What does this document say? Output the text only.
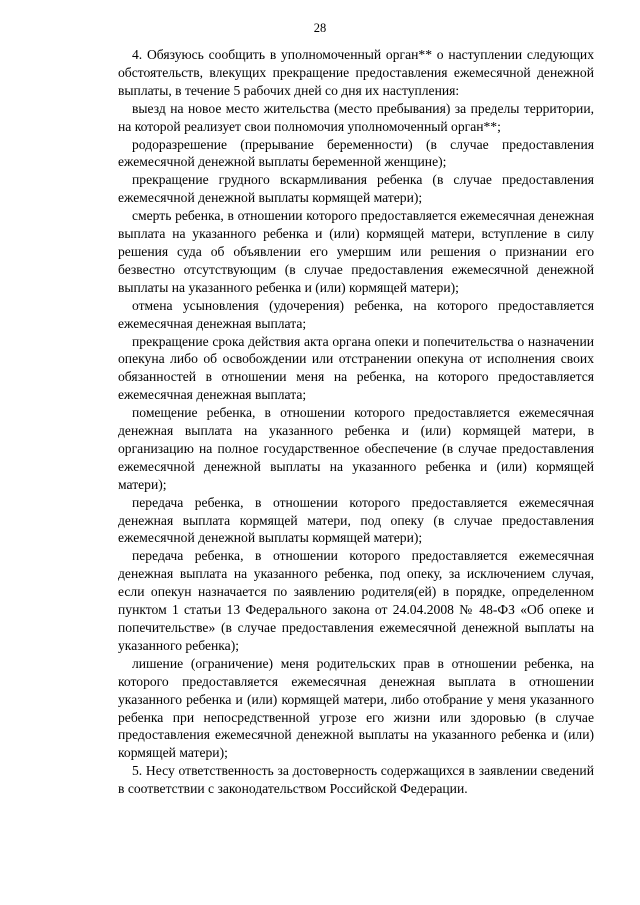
28

4. Обязуюсь сообщить в уполномоченный орган** о наступлении следующих обстоятельств, влекущих прекращение предоставления ежемесячной денежной выплаты, в течение 5 рабочих дней со дня их наступления:

выезд на новое место жительства (место пребывания) за пределы территории, на которой реализует свои полномочия уполномоченный орган**;

родоразрешение (прерывание беременности) (в случае предоставления ежемесячной денежной выплаты беременной женщине);

прекращение грудного вскармливания ребенка (в случае предоставления ежемесячной денежной выплаты кормящей матери);

смерть ребенка, в отношении которого предоставляется ежемесячная денежная выплата на указанного ребенка и (или) кормящей матери, вступление в силу решения суда об объявлении его умершим или решения о признании его безвестно отсутствующим (в случае предоставления ежемесячной денежной выплаты на указанного ребенка и (или) кормящей матери);

отмена усыновления (удочерения) ребенка, на которого предоставляется ежемесячная денежная выплата;

прекращение срока действия акта органа опеки и попечительства о назначении опекуна либо об освобождении или отстранении опекуна от исполнения своих обязанностей в отношении меня на ребенка, на которого предоставляется ежемесячная денежная выплата;

помещение ребенка, в отношении которого предоставляется ежемесячная денежная выплата на указанного ребенка и (или) кормящей матери, в организацию на полное государственное обеспечение (в случае предоставления ежемесячной денежной выплаты на указанного ребенка и (или) кормящей матери);

передача ребенка, в отношении которого предоставляется ежемесячная денежная выплата кормящей матери, под опеку (в случае предоставления ежемесячной денежной выплаты кормящей матери);

передача ребенка, в отношении которого предоставляется ежемесячная денежная выплата на указанного ребенка, под опеку, за исключением случая, если опекун назначается по заявлению родителя(ей) в порядке, определенном пунктом 1 статьи 13 Федерального закона от 24.04.2008 № 48-ФЗ «Об опеке и попечительстве» (в случае предоставления ежемесячной денежной выплаты на указанного ребенка);

лишение (ограничение) меня родительских прав в отношении ребенка, на которого предоставляется ежемесячная денежная выплата в отношении указанного ребенка и (или) кормящей матери, либо отобрание у меня указанного ребенка при непосредственной угрозе его жизни или здоровью (в случае предоставления ежемесячной денежной выплаты на указанного ребенка и (или) кормящей матери);

5. Несу ответственность за достоверность содержащихся в заявлении сведений в соответствии с законодательством Российской Федерации.
